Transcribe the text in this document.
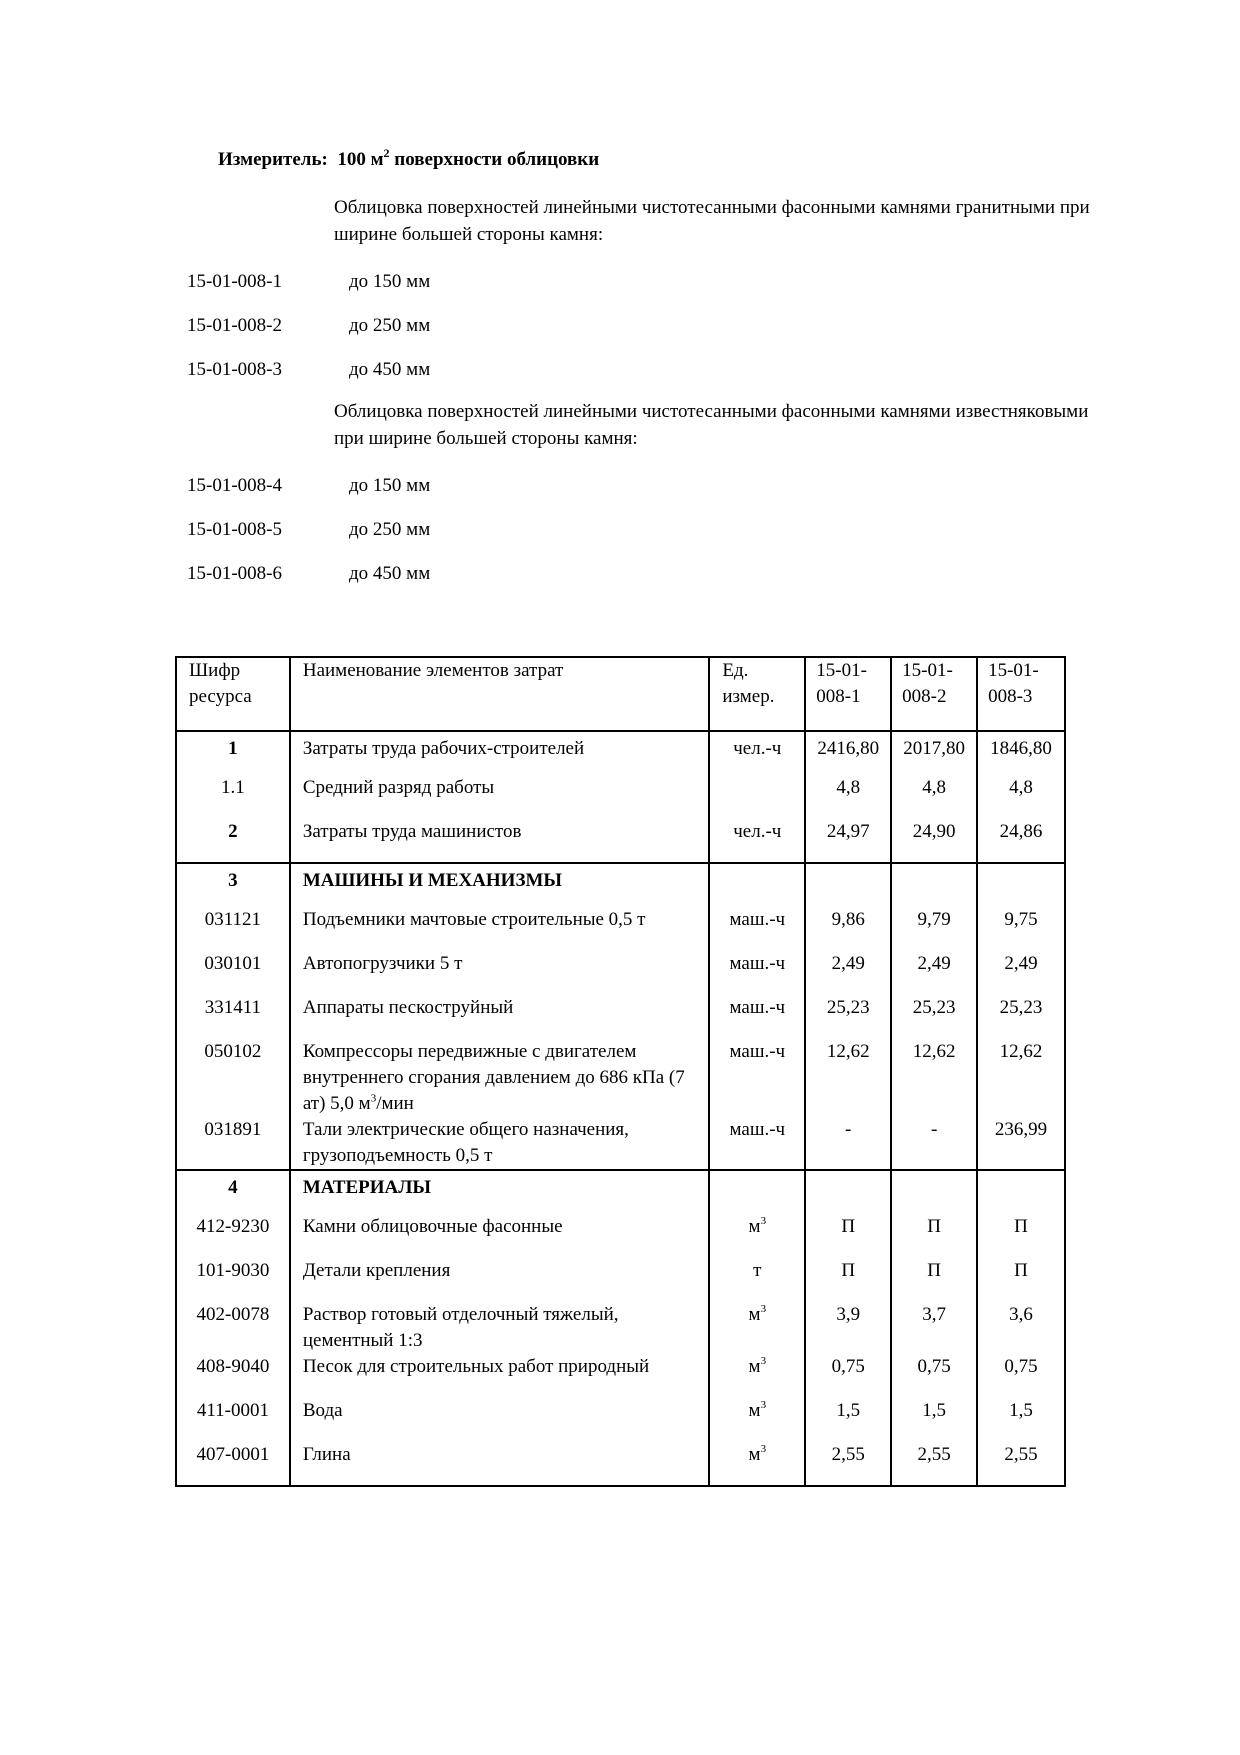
Измеритель: 100 $м^2$ поверхности облицовки
Облицовка поверхностей линейными чистотесанными фасонными камнями гранитными при ширине большей стороны камня:
15-01-008-1	до 150 мм
15-01-008-2	до 250 мм
15-01-008-3	до 450 мм
Облицовка поверхностей линейными чистотесанными фасонными камнями известняковыми при ширине большей стороны камня:
15-01-008-4	до 150 мм
15-01-008-5	до 250 мм
15-01-008-6	до 450 мм
Шифр ресурса	Наименование элементов затрат	Ед. измер.	15-01-008-1	15-01-008-2	15-01-008-3
1	Затраты труда рабочих-строителей	чел.-ч	2416,80	2017,80	1846,80
1.1	Средний разряд работы		4,8	4,8	4,8
2	Затраты труда машинистов	чел.-ч	24,97	24,90	24,86
3	МАШИНЫ И МЕХАНИЗМЫ				
031121	Подъемники мачтовые строительные 0,5 т	маш.-ч	9,86	9,79	9,75
030101	Автопогрузчики 5 т	маш.-ч	2,49	2,49	2,49
331411	Аппараты пескоструйный	маш.-ч	25,23	25,23	25,23
050102	Компрессоры передвижные с двигателем внутреннего сгорания давлением до 686 кПа (7 ат) 5,0 $м^3$/мин	маш.-ч	12,62	12,62	12,62
031891	Тали электрические общего назначения, грузоподъемность 0,5 т	маш.-ч	-	-	236,99
4	МАТЕРИАЛЫ				
412-9230	Камни облицовочные фасонные	$м^3$	П	П	П
101-9030	Детали крепления	т	П	П	П
402-0078	Раствор готовый отделочный тяжелый, цементный 1:3	$м^3$	3,9	3,7	3,6
408-9040	Песок для строительных работ природный	$м^3$	0,75	0,75	0,75
411-0001	Вода	$м^3$	1,5	1,5	1,5
407-0001	Глина	$м^3$	2,55	2,55	2,55
